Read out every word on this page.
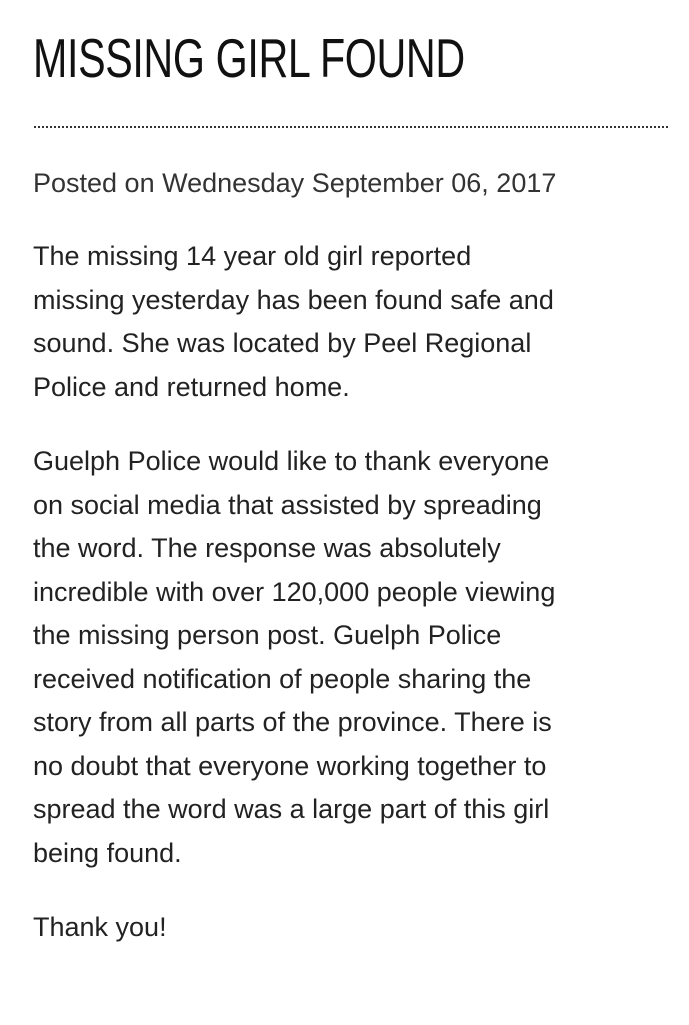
MISSING GIRL FOUND

Posted on Wednesday September 06, 2017

The missing 14 year old girl reported
missing yesterday has been found safe and
sound. She was located by Peel Regional
Police and returned home.

Guelph Police would like to thank everyone
on social media that assisted by spreading
the word. The response was absolutely
incredible with over 120,000 people viewing
the missing person post. Guelph Police
received notification of people sharing the
story from all parts of the province. There is
no doubt that everyone working together to
spread the word was a large part of this girl
being found.

Thank you!
